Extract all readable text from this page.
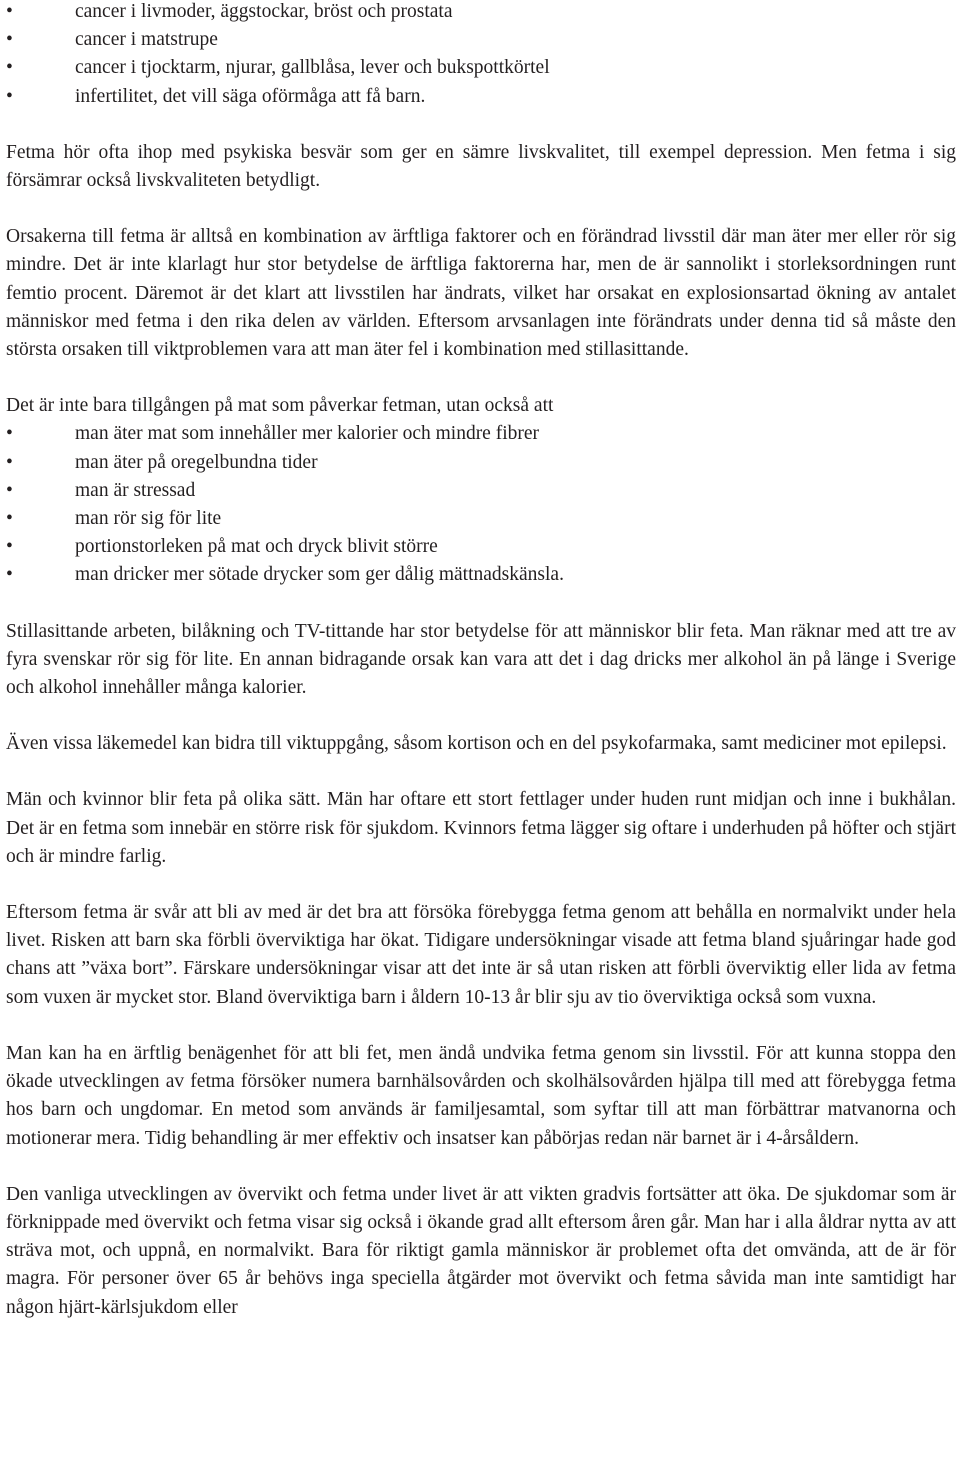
•	cancer i livmoder, äggstockar, bröst och prostata
•	cancer i matstrupe
•	cancer i tjocktarm, njurar, gallblåsa, lever och bukspottkörtel
•	infertilitet, det vill säga oförmåga att få barn.

Fetma hör ofta ihop med psykiska besvär som ger en sämre livskvalitet, till exempel depression. Men fetma i sig försämrar också livskvaliteten betydligt.

Orsakerna till fetma är alltså en kombination av ärftliga faktorer och en förändrad livsstil där man äter mer eller rör sig mindre. Det är inte klarlagt hur stor betydelse de ärftliga faktorerna har, men de är sannolikt i storleksordningen runt femtio procent. Däremot är det klart att livsstilen har ändrats, vilket har orsakat en explosionsartad ökning av antalet människor med fetma i den rika delen av världen. Eftersom arvsanlagen inte förändrats under denna tid så måste den största orsaken till viktproblemen vara att man äter fel i kombination med stillasittande.

Det är inte bara tillgången på mat som påverkar fetman, utan också att

•	man äter mat som innehåller mer kalorier och mindre fibrer
•	man äter på oregelbundna tider
•	man är stressad
•	man rör sig för lite
•	portionstorleken på mat och dryck blivit större
•	man dricker mer sötade drycker som ger dålig mättnadskänsla.

Stillasittande arbeten, bilåkning och TV-tittande har stor betydelse för att människor blir feta. Man räknar med att tre av fyra svenskar rör sig för lite. En annan bidragande orsak kan vara att det i dag dricks mer alkohol än på länge i Sverige och alkohol innehåller många kalorier.

Även vissa läkemedel kan bidra till viktuppgång, såsom kortison och en del psykofarmaka, samt mediciner mot epilepsi.

Män och kvinnor blir feta på olika sätt. Män har oftare ett stort fettlager under huden runt midjan och inne i bukhålan. Det är en fetma som innebär en större risk för sjukdom. Kvinnors fetma lägger sig oftare i underhuden på höfter och stjärt och är mindre farlig.

Eftersom fetma är svår att bli av med är det bra att försöka förebygga fetma genom att behålla en normalvikt under hela livet. Risken att barn ska förbli överviktiga har ökat. Tidigare undersökningar visade att fetma bland sjuåringar hade god chans att ”växa bort”. Färskare undersökningar visar att det inte är så utan risken att förbli överviktig eller lida av fetma som vuxen är mycket stor. Bland överviktiga barn i åldern 10-13 år blir sju av tio överviktiga också som vuxna.

Man kan ha en ärftlig benägenhet för att bli fet, men ändå undvika fetma genom sin livsstil. För att kunna stoppa den ökade utvecklingen av fetma försöker numera barnhälsovården och skolhälsovården hjälpa till med att förebygga fetma hos barn och ungdomar. En metod som används är familjesamtal, som syftar till att man förbättrar matvanorna och motionerar mera. Tidig behandling är mer effektiv och insatser kan påbörjas redan när barnet är i 4-årsåldern.

Den vanliga utvecklingen av övervikt och fetma under livet är att vikten gradvis fortsätter att öka. De sjukdomar som är förknippade med övervikt och fetma visar sig också i ökande grad allt eftersom åren går. Man har i alla åldrar nytta av att sträva mot, och uppnå, en normalvikt. Bara för riktigt gamla människor är problemet ofta det omvända, att de är för magra. För personer över 65 år behövs inga speciella åtgärder mot övervikt och fetma såvida man inte samtidigt har någon hjärt-kärlsjukdom eller
